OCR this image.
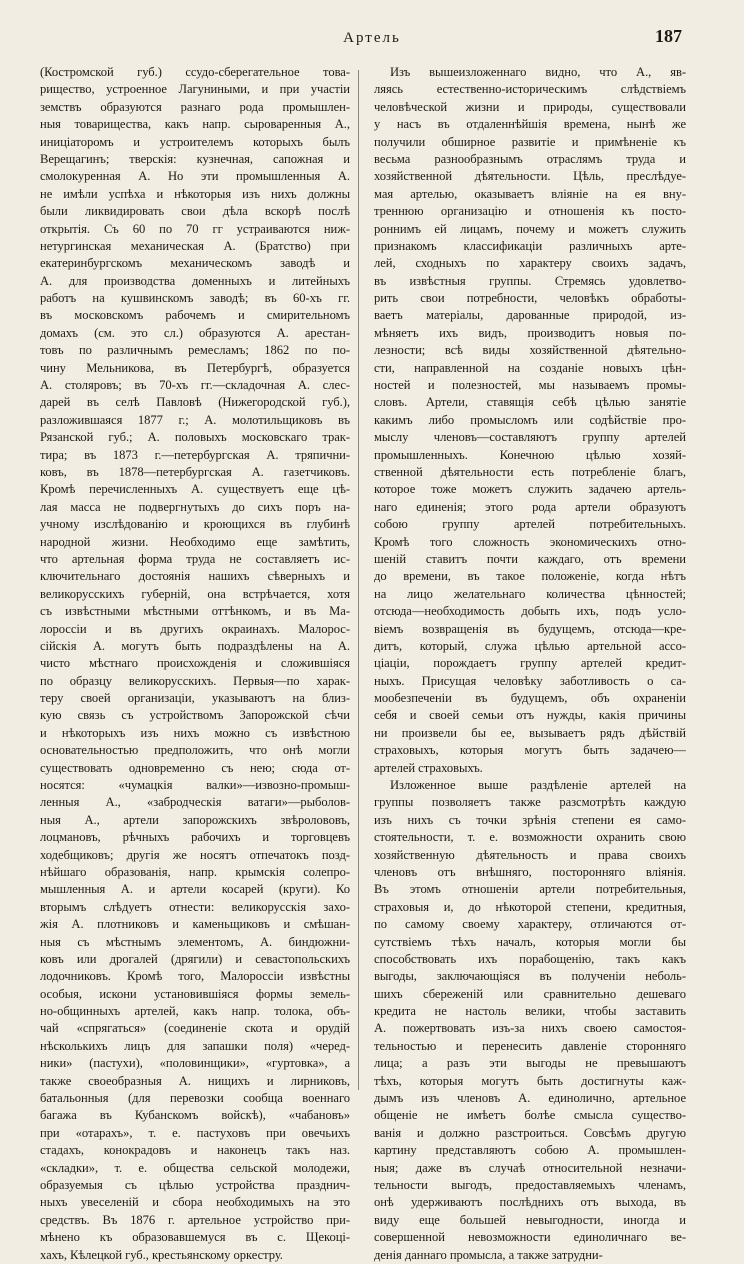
Артель	187
(Костромской губ.) ссудо-сберегательное това-
рищество, устроенное Лагуниными, и при участіи
земствъ образуются разнаго рода промышлен-
ныя товарищества, какъ напр. сыроваренныя А.,
иниціаторомъ и устроителемъ которыхъ былъ
Верещагинъ; тверскія: кузнечная, сапожная и
смолокуренная А. Но эти промышленныя А.
не имѣли успѣха и нѣкоторыя изъ нихъ должны
были ликвидировать свои дѣла вскорѣ послѣ
открытія. Съ 60 по 70 гг устраиваются ниж-
нетургинская механическая А. (Братство) при
екатеринбургскомъ механическомъ заводѣ и
А. для производства доменныхъ и литейныхъ
работъ на кушвинскомъ заводѣ; въ 60-хъ гг.
въ московскомъ рабочемъ и смирительномъ
домахъ (см. это сл.) образуются А. арестан-
товъ по различнымъ ремесламъ; 1862 по по-
чину Мельникова, въ Петербургѣ, образуется
А. столяровъ; въ 70-хъ гг.—складочная А. слес-
дарей въ селѣ Павловѣ (Нижегородской губ.),
разложившаяся 1877 г.; А. молотильщиковъ въ
Рязанской губ.; А. половыхъ московскаго трак-
тира; въ 1873 г.—петербургская А. тряпични-
ковъ, въ 1878—петербургская А. газетчиковъ.
Кромѣ перечисленныхъ А. существуетъ еще цѣ-
лая масса не подвергнутыхъ до сихъ поръ на-
учному изслѣдованію и кроющихся въ глубинѣ
народной жизни. Необходимо еще замѣтить,
что артельная форма труда не составляетъ ис-
ключительнаго достоянія нашихъ сѣверныхъ и
великорусскихъ губерній, она встрѣчается, хотя
съ извѣстными мѣстными оттѣнкомъ, и въ Ма-
лороссіи и въ другихъ окраинахъ. Малорос-
сійскія А. могутъ быть подраздѣлены на А.
чисто мѣстнаго происхожденія и сложившіяся
по образцу великорусскихъ. Первыя—по харак-
теру своей организаціи, указываютъ на близ-
кую связь съ устройствомъ Запорожской сѣчи
и нѣкоторыхъ изъ нихъ можно съ извѣстною
основательностью предположить, что онѣ могли
существовать одновременно съ нею; сюда от-
носятся: «чумацкія валки»—извозно-промыш-
ленныя А., «забродческія ватаги»—рыболов-
ныя А., артели запорожскихъ звѣролововъ,
лоцмановъ, рѣчныхъ рабочихъ и торговцевъ
ходебщиковъ; другія же носятъ отпечатокъ позд-
нѣйшаго образованія, напр. крымскія солепро-
мышленныя А. и артели косарей (круги). Ко
вторымъ слѣдуетъ отнести: великорусскія захо-
жія А. плотниковъ и каменьщиковъ и смѣшан-
ныя съ мѣстнымъ элементомъ, А. биндюжни-
ковъ или дрогалей (дрягили) и севастопольскихъ
лодочниковъ. Кромѣ того, Малороссіи извѣстны
особыя, искони установившіяся формы земель-
но-общинныхъ артелей, какъ напр. толока, объ-
чай «спрягаться» (соединеніе скота и орудій
нѣсколькихъ лицъ для запашки поля) «черед-
ники» (пастухи), «половинщики», «гуртовка», а
также своеобразныя А. нищихъ и лирниковъ,
батальонныя (для перевозки сообща военнаго
багажа въ Кубанскомъ войскѣ), «чабановъ»
при «отарахъ», т. е. пастуховъ при овечьихъ
стадахъ, конокрадовъ и наконецъ такъ наз.
«складки», т. е. общества сельской молодежи,
образуемыя съ цѣлью устройства празднич-
ныхъ увеселеній и сбора необходимыхъ на это
средствъ. Въ 1876 г. артельное устройство при-
мѣнено къ образовавшемуся въ с. Щекоці-
хахъ, Кѣлецкой губ., крестьянскому оркестру.
Изъ вышеизложеннаго видно, что А., яв-
ляясь естественно-историческимъ слѣдствіемъ
человѣческой жизни и природы, существовали
у насъ въ отдаленнѣйшія времена, нынѣ же
получили обширное развитіе и примѣненіе къ
весьма разнообразнымъ отраслямъ труда и
хозяйственной дѣятельности. Цѣль, преслѣдуе-
мая артелью, оказываетъ вліяніе на ея вну-
треннюю организацію и отношенія къ посто-
роннимъ ей лицамъ, почему и можетъ служить
признакомъ классификаціи различныхъ арте-
лей, сходныхъ по характеру своихъ задачъ,
въ извѣстныя группы. Стремясь удовлетво-
рить свои потребности, человѣкъ обработы-
ваетъ матеріалы, дарованные природой, из-
мѣняетъ ихъ видъ, производитъ новыя по-
лезности; всѣ виды хозяйственной дѣятельно-
сти, направленной на созданіе новыхъ цѣн-
ностей и полезностей, мы называемъ промы-
словъ. Артели, ставящія себѣ цѣлью занятіе
какимъ либо промысломъ или содѣйствіе про-
мыслу членовъ—составляютъ группу артелей
промышленныхъ. Конечною цѣлью хозяй-
ственной дѣятельности есть потребленіе благъ,
которое тоже можетъ служить задачею артель-
наго единенія; этого рода артели образуютъ
собою группу артелей потребительныхъ.
Кромѣ того сложность экономическихъ отно-
шеній ставитъ почти каждаго, отъ времени
до времени, въ такое положеніе, когда нѣтъ
на лицо желательнаго количества цѣнностей;
отсюда—необходимость добыть ихъ, подъ усло-
віемъ возвращенія въ будущемъ, отсюда—кре-
дитъ, который, служа цѣлью артельной ассо-
ціаціи, порождаетъ группу артелей кредит-
ныхъ. Присущая человѣку заботливость о са-
мообезпеченіи въ будущемъ, объ охраненіи
себя и своей семьи отъ нужды, какія причины
ни произвели бы ее, вызываетъ рядъ дѣйствій
страховыхъ, которыя могутъ быть задачею—
артелей страховыхъ.
Изложенное выше раздѣленіе артелей на
группы позволяетъ также разсмотрѣть каждую
изъ нихъ съ точки зрѣнія степени ея само-
стоятельности, т. е. возможности охранить свою
хозяйственную дѣятельность и права своихъ
членовъ отъ внѣшняго, посторонняго вліянія.
Въ этомъ отношеніи артели потребительныя,
страховыя и, до нѣкоторой степени, кредитныя,
по самому своему характеру, отличаются от-
сутствіемъ тѣхъ началъ, которыя могли бы
способствовать ихъ порабощенію, такъ какъ
выгоды, заключающіяся въ полученіи неболь-
шихъ сбереженій или сравнительно дешеваго
кредита не настоль велики, чтобы заставить
А. пожертвовать изъ-за нихъ своею самостоя-
тельностью и перенесить давленіе сторонняго
лица; а разъ эти выгоды не превышаютъ
тѣхъ, которыя могутъ быть достигнуты каж-
дымъ изъ членовъ А. единолично, артельное
общеніе не имѣетъ болѣе смысла существо-
ванія и должно разстроиться. Совсѣмъ другую
картину представляютъ собою А. промышлен-
ныя; даже въ случаѣ относительной незначи-
тельности выгодъ, предоставляемыхъ членамъ,
онѣ удерживаютъ послѣднихъ отъ выхода, въ
виду еще большей невыгодности, иногда и
совершенной невозможности единоличнаго ве-
денія даннаго промысла, а также затрудни-
